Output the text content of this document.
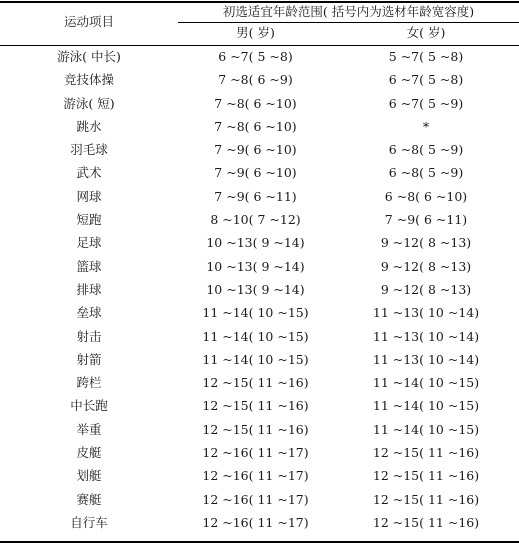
运动项目
初选适宜年龄范围( 括号内为选材年龄宽容度)
男( 岁)	女( 岁)
游泳( 中长)	6 ~7( 5 ~8)	5 ~7( 5 ~8)
竞技体操	7 ~8( 6 ~9)	6 ~7( 5 ~8)
游泳( 短)	7 ~8( 6 ~10)	6 ~7( 5 ~9)
跳水	7 ~8( 6 ~10)	*
羽毛球	7 ~9( 6 ~10)	6 ~8( 5 ~9)
武术	7 ~9( 6 ~10)	6 ~8( 5 ~9)
网球	7 ~9( 6 ~11)	6 ~8( 6 ~10)
短跑	8 ~10( 7 ~12)	7 ~9( 6 ~11)
足球	10 ~13( 9 ~14)	9 ~12( 8 ~13)
篮球	10 ~13( 9 ~14)	9 ~12( 8 ~13)
排球	10 ~13( 9 ~14)	9 ~12( 8 ~13)
垒球	11 ~14( 10 ~15)	11 ~13( 10 ~14)
射击	11 ~14( 10 ~15)	11 ~13( 10 ~14)
射箭	11 ~14( 10 ~15)	11 ~13( 10 ~14)
跨栏	12 ~15( 11 ~16)	11 ~14( 10 ~15)
中长跑	12 ~15( 11 ~16)	11 ~14( 10 ~15)
举重	12 ~15( 11 ~16)	11 ~14( 10 ~15)
皮艇	12 ~16( 11 ~17)	12 ~15( 11 ~16)
划艇	12 ~16( 11 ~17)	12 ~15( 11 ~16)
赛艇	12 ~16( 11 ~17)	12 ~15( 11 ~16)
自行车	12 ~16( 11 ~17)	12 ~15( 11 ~16)
